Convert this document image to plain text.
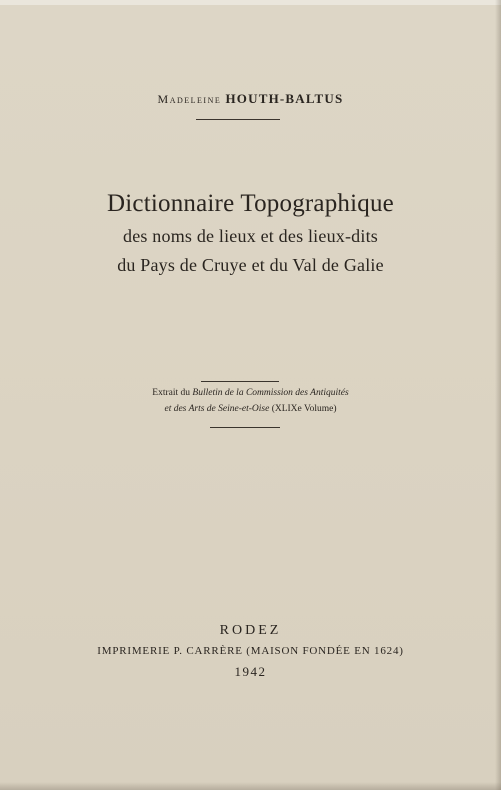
Madeleine HOUTH-BALTUS
Dictionnaire Topographique
des noms de lieux et des lieux-dits
du Pays de Cruye et du Val de Galie
Extrait du Bulletin de la Commission des Antiquités
et des Arts de Seine-et-Oise (XLIXe Volume)
RODEZ
IMPRIMERIE P. CARRÈRE (MAISON FONDÉE EN 1624)
1942
